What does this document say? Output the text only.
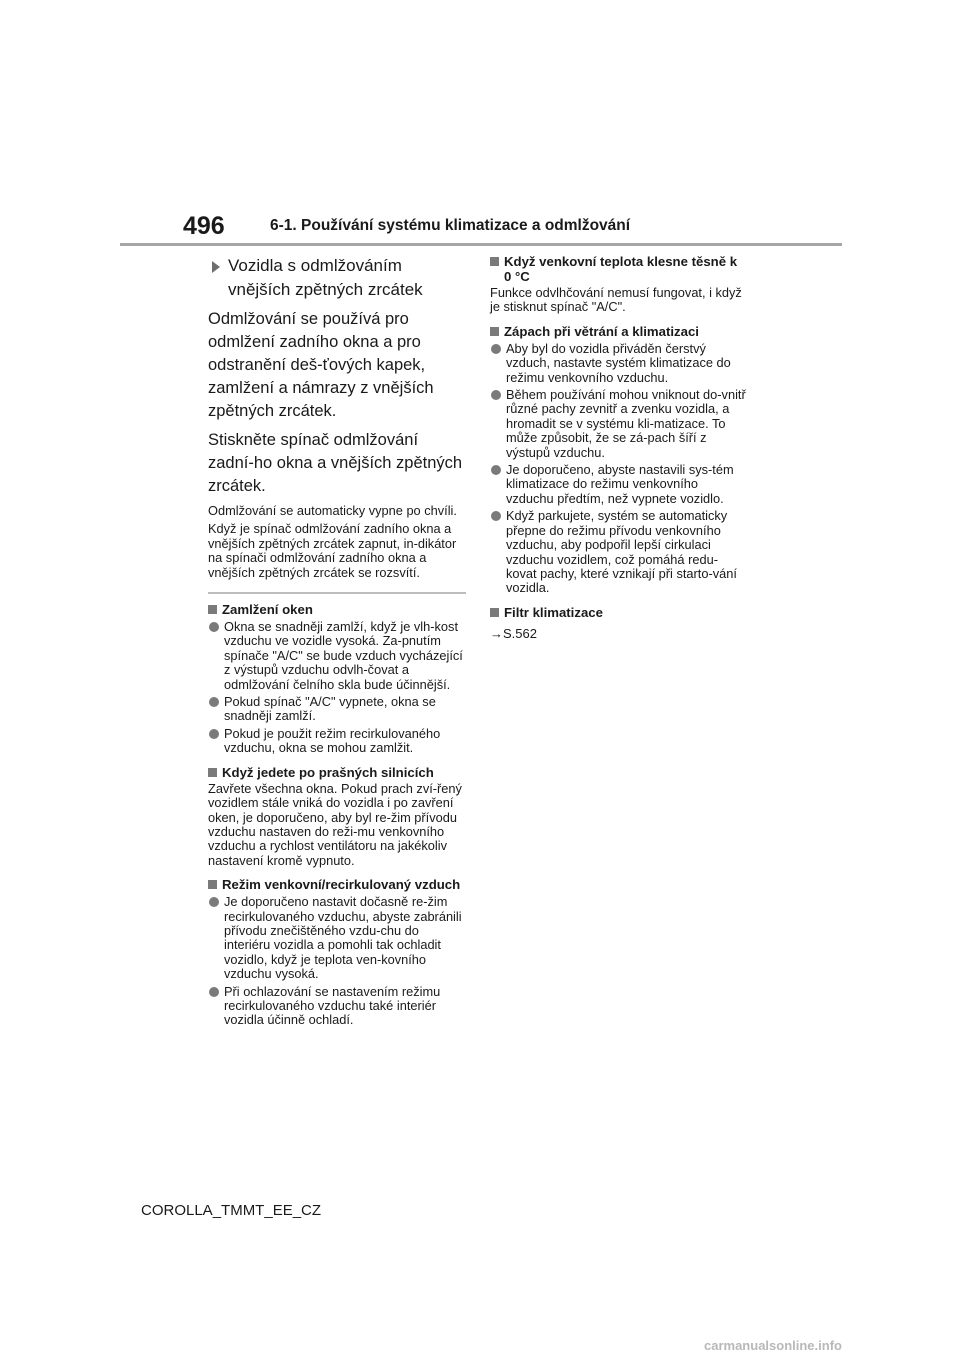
496	6-1. Používání systému klimatizace a odmlžování
Vozidla s odmlžováním vnějších zpětných zrcátek

Odmlžování se používá pro odmlžení zadního okna a pro odstranění deš-ťových kapek, zamlžení a námrazy z vnějších zpětných zrcátek.

Stiskněte spínač odmlžování zadní-ho okna a vnějších zpětných zrcátek.

Odmlžování se automaticky vypne po chvíli.

Když je spínač odmlžování zadního okna a vnějších zpětných zrcátek zapnut, in-dikátor na spínači odmlžování zadního okna a vnějších zpětných zrcátek se rozsvítí.

Zamlžení oken
Okna se snadněji zamlží, když je vlh-kost vzduchu ve vozidle vysoká. Za-pnutím spínače "A/C" se bude vzduch vycházející z výstupů vzduchu odvlh-čovat a odmlžování čelního skla bude účinnější.
Pokud spínač "A/C" vypnete, okna se snadněji zamlží.
Pokud je použit režim recirkulovaného vzduchu, okna se mohou zamlžit.
Když jedete po prašných silnicích
Zavřete všechna okna. Pokud prach zví-řený vozidlem stále vniká do vozidla i po zavření oken, je doporučeno, aby byl re-žim přívodu vzduchu nastaven do reži-mu venkovního vzduchu a rychlost ventilátoru na jakékoliv nastavení kromě vypnuto.
Režim venkovní/recirkulovaný vzduch
Je doporučeno nastavit dočasně re-žim recirkulovaného vzduchu, abyste zabránili přívodu znečištěného vzdu-chu do interiéru vozidla a pomohli tak ochladit vozidlo, když je teplota ven-kovního vzduchu vysoká.
Při ochlazování se nastavením režimu recirkulovaného vzduchu také interiér vozidla účinně ochladí.
Když venkovní teplota klesne těsně k 0 °C
Funkce odvlhčování nemusí fungovat, i když je stisknut spínač "A/C".
Zápach při větrání a klimatizaci
Aby byl do vozidla přiváděn čerstvý vzduch, nastavte systém klimatizace do režimu venkovního vzduchu.
Během používání mohou vniknout do-vnitř různé pachy zevnitř a zvenku vozidla, a hromadit se v systému kli-matizace. To může způsobit, že se zá-pach šíří z výstupů vzduchu.
Je doporučeno, abyste nastavili sys-tém klimatizace do režimu venkovního vzduchu předtím, než vypnete vozidlo.
Když parkujete, systém se automaticky přepne do režimu přívodu venkovního vzduchu, aby podpořil lepší cirkulaci vzduchu vozidlem, což pomáhá redu-kovat pachy, které vznikají při starto-vání vozidla.
Filtr klimatizace
→S.562
COROLLA_TMMT_EE_CZ
carmanualsonline.info
